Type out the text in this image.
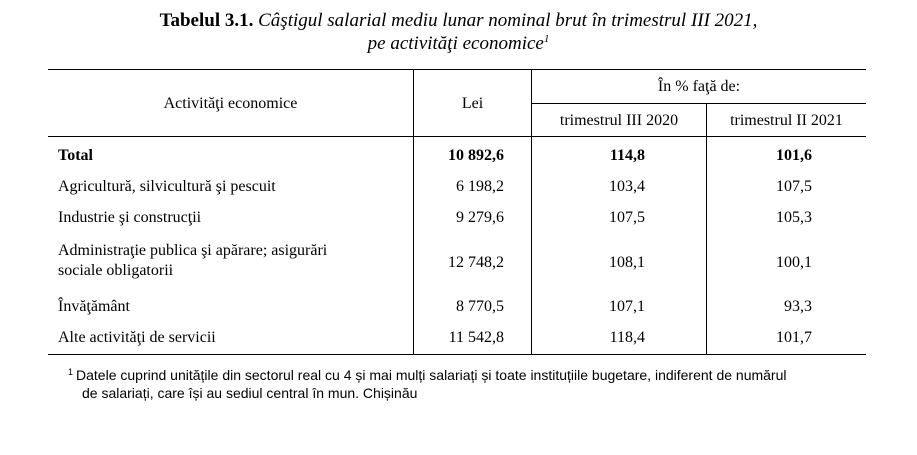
Tabelul 3.1. Câştigul salarial mediu lunar nominal brut în trimestrul III 2021,
pe activităţi economice$^1$
Activităţi economice	Lei
În % faţă de:
trimestrul III 2020	trimestrul II 2021
Total	10 892,6	114,8	101,6
Agricultură, silvicultură şi pescuit	6 198,2	103,4	107,5
Industrie şi construcţii	9 279,6	107,5	105,3
Administraţie publica şi apărare; asigurări
sociale obligatorii	12 748,2	108,1	100,1
Învăţământ	8 770,5	107,1	93,3
Alte activităţi de servicii	11 542,8	118,4	101,7
$^1$ Datele cuprind unitățile din sectorul real cu 4 și mai mulți salariați și toate instituțiile bugetare, indiferent de numărul
de salariați, care își au sediul central în mun. Chișinău
